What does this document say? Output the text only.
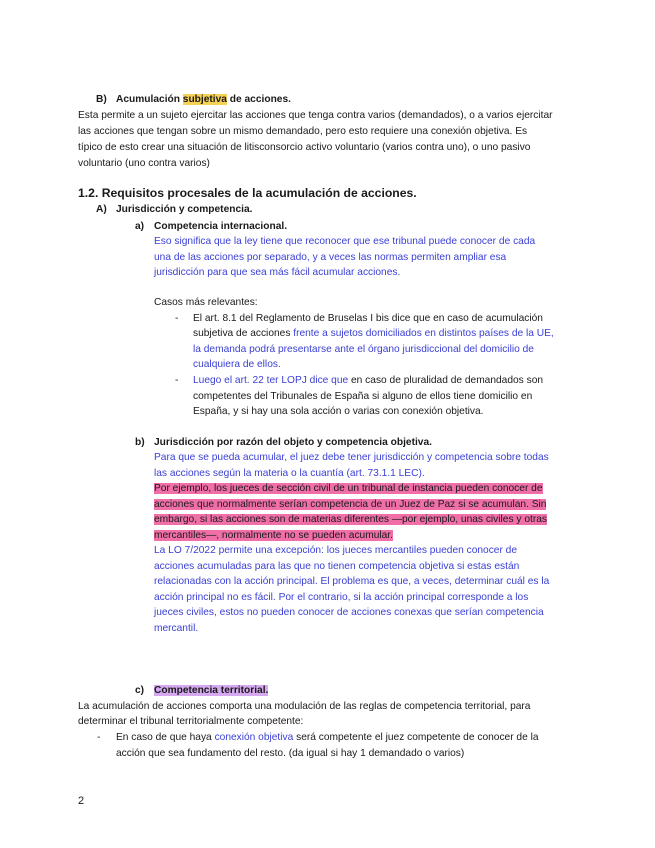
B) Acumulación subjetiva de acciones.
Esta permite a un sujeto ejercitar las acciones que tenga contra varios (demandados), o a varios ejercitar
las acciones que tengan sobre un mismo demandado, pero esto requiere una conexión objetiva. Es
típico de esto crear una situación de litisconsorcio activo voluntario (varios contra uno), o uno pasivo
voluntario (uno contra varios)
1.2. Requisitos procesales de la acumulación de acciones.
A) Jurisdicción y competencia.
a) Competencia internacional.
Eso significa que la ley tiene que reconocer que ese tribunal puede conocer de cada
una de las acciones por separado, y a veces las normas permiten ampliar esa
jurisdicción para que sea más fácil acumular acciones.
Casos más relevantes:
- El art. 8.1 del Reglamento de Bruselas I bis dice que en caso de acumulación
subjetiva de acciones frente a sujetos domiciliados en distintos países de la UE,
la demanda podrá presentarse ante el órgano jurisdiccional del domicilio de
cualquiera de ellos.
- Luego el art. 22 ter LOPJ dice que en caso de pluralidad de demandados son
competentes del Tribunales de España si alguno de ellos tiene domicilio en
España, y si hay una sola acción o varias con conexión objetiva.
b) Jurisdicción por razón del objeto y competencia objetiva.
Para que se pueda acumular, el juez debe tener jurisdicción y competencia sobre todas
las acciones según la materia o la cuantía (art. 73.1.1 LEC).
Por ejemplo, los jueces de sección civil de un tribunal de instancia pueden conocer de
acciones que normalmente serían competencia de un Juez de Paz si se acumulan. Sin
embargo, si las acciones son de materias diferentes —por ejemplo, unas civiles y otras
mercantiles—, normalmente no se pueden acumular.
La LO 7/2022 permite una excepción: los jueces mercantiles pueden conocer de
acciones acumuladas para las que no tienen competencia objetiva si estas están
relacionadas con la acción principal. El problema es que, a veces, determinar cuál es la
acción principal no es fácil. Por el contrario, si la acción principal corresponde a los
jueces civiles, estos no pueden conocer de acciones conexas que serían competencia
mercantil.
c) Competencia territorial.
La acumulación de acciones comporta una modulación de las reglas de competencia territorial, para
determinar el tribunal territorialmente competente:
- En caso de que haya conexión objetiva será competente el juez competente de conocer de la
acción que sea fundamento del resto. (da igual si hay 1 demandado o varios)
2
